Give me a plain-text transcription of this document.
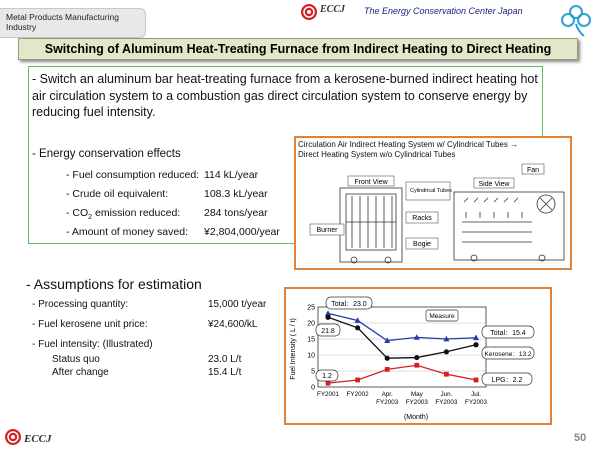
Metal Products Manufacturing Industry
ECCJ The Energy Conservation Center Japan
Switching of Aluminum Heat-Treating Furnace from Indirect Heating to Direct Heating
- Switch an aluminum bar heat-treating furnace from a kerosene-burned indirect heating hot air circulation system to a combustion gas direct circulation system to conserve energy by reducing fuel intensity.
- Energy conservation effects
- Fuel consumption reduced: 114 kL/year
- Crude oil equivalent:	108.3 kL/year
- $CO_2$ emission reduced: 284 tons/year
- Amount of money saved: ¥2,804,000/year
Circulation Air Indirect Heating System w/ Cylindrical Tubes →
Direct Heating System w/o Cylindrical Tubes
Front View
Cylindrical Tubes
Racks
Bogie
Burner
Side View
Fan
- Assumptions for estimation
- Processing quantity:	15,000 t/year
- Fuel kerosene unit price:	¥24,600/kL
- Fuel intensity: (Illustrated)
Status quo	23.0 L/t
After change	15.4 L/t
0
5
10
15
20
25
FY2001 FY2002 Apr.
FY2003
May
FY2003
Jun.
FY2003
Jul.
FY2003
Fuel Intensity ( L / t)
(Month)
Total：23.0
21.8
1.2
Measure
Total：15.4
Kerosene：13.2
LPG：2.2
ECCJ	50
